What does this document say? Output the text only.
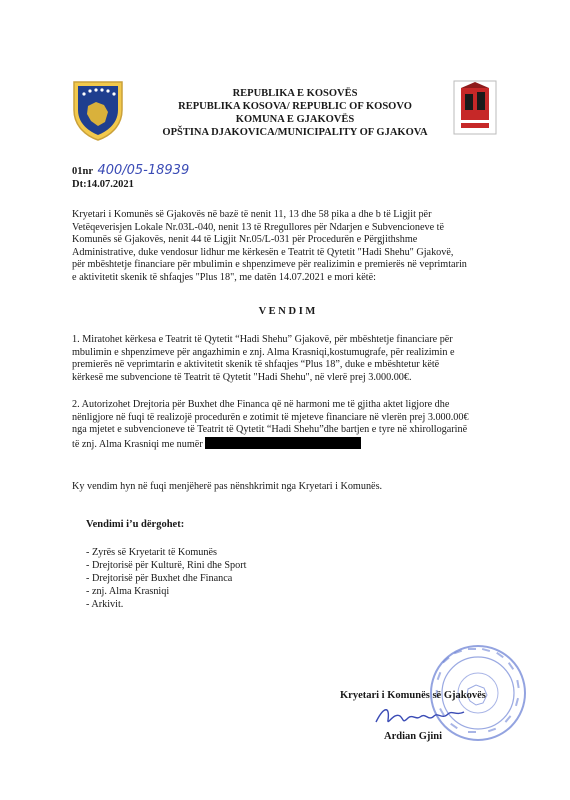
REPUBLIKA E KOSOVËS
REPUBLIKA KOSOVA/ REPUBLIC OF KOSOVO
KOMUNA E GJAKOVËS
OPŠTINA DJAKOVICA/MUNICIPALITY OF GJAKOVA
01nr 400/05-18939
Dt:14.07.2021
Kryetari i Komunës së Gjakovës në bazë të nenit 11, 13 dhe 58 pika a dhe b të Ligjit për
Vetëqeverisjen Lokale Nr.03L-040, nenit 13 të Rregullores për Ndarjen e Subvencioneve të
Komunës së Gjakovës, nenit 44 të Ligjit Nr.05/L-031 për Procedurën e Përgjithshme
Administrative, duke vendosur lidhur me kërkesën e Teatrit të Qytetit "Hadi Shehu" Gjakovë,
për mbështetje financiare për mbulimin e shpenzimeve për realizimin e premierës në veprimtarin
e aktivitetit skenik të shfaqjes "Plus 18", me datën 14.07.2021 e mori këtë:
V E N D I M
1. Miratohet kërkesa e Teatrit të Qytetit “Hadi Shehu” Gjakovë, për mbështetje financiare për
mbulimin e shpenzimeve për angazhimin e znj. Alma Krasniqi,kostumugrafe, për realizimin e
premierës në veprimtarin e aktivitetit skenik të shfaqjes “Plus 18”, duke e mbështetur këtë
kërkesë me subvencione të Teatrit të Qytetit "Hadi Shehu", në vlerë prej 3.000.00€.
2. Autorizohet Drejtoria për Buxhet dhe Financa që në harmoni me të gjitha aktet ligjore dhe
nënligjore në fuqi të realizojë procedurën e zotimit të mjeteve financiare në vlerën prej 3.000.00€
nga mjetet e subvencioneve të Teatrit të Qytetit “Hadi Shehu”dhe bartjen e tyre në xhirollogarinë
të znj. Alma Krasniqi me numër
Ky vendim hyn në fuqi menjëherë pas nënshkrimit nga Kryetari i Komunës.
Vendimi i’u dërgohet:
- Zyrës së Kryetarit të Komunës
- Drejtorisë për Kulturë, Rini dhe Sport
- Drejtorisë për Buxhet dhe Financa
- znj. Alma Krasniqi
- Arkivit.
Kryetari i Komunës së Gjakovës
Ardian Gjini
